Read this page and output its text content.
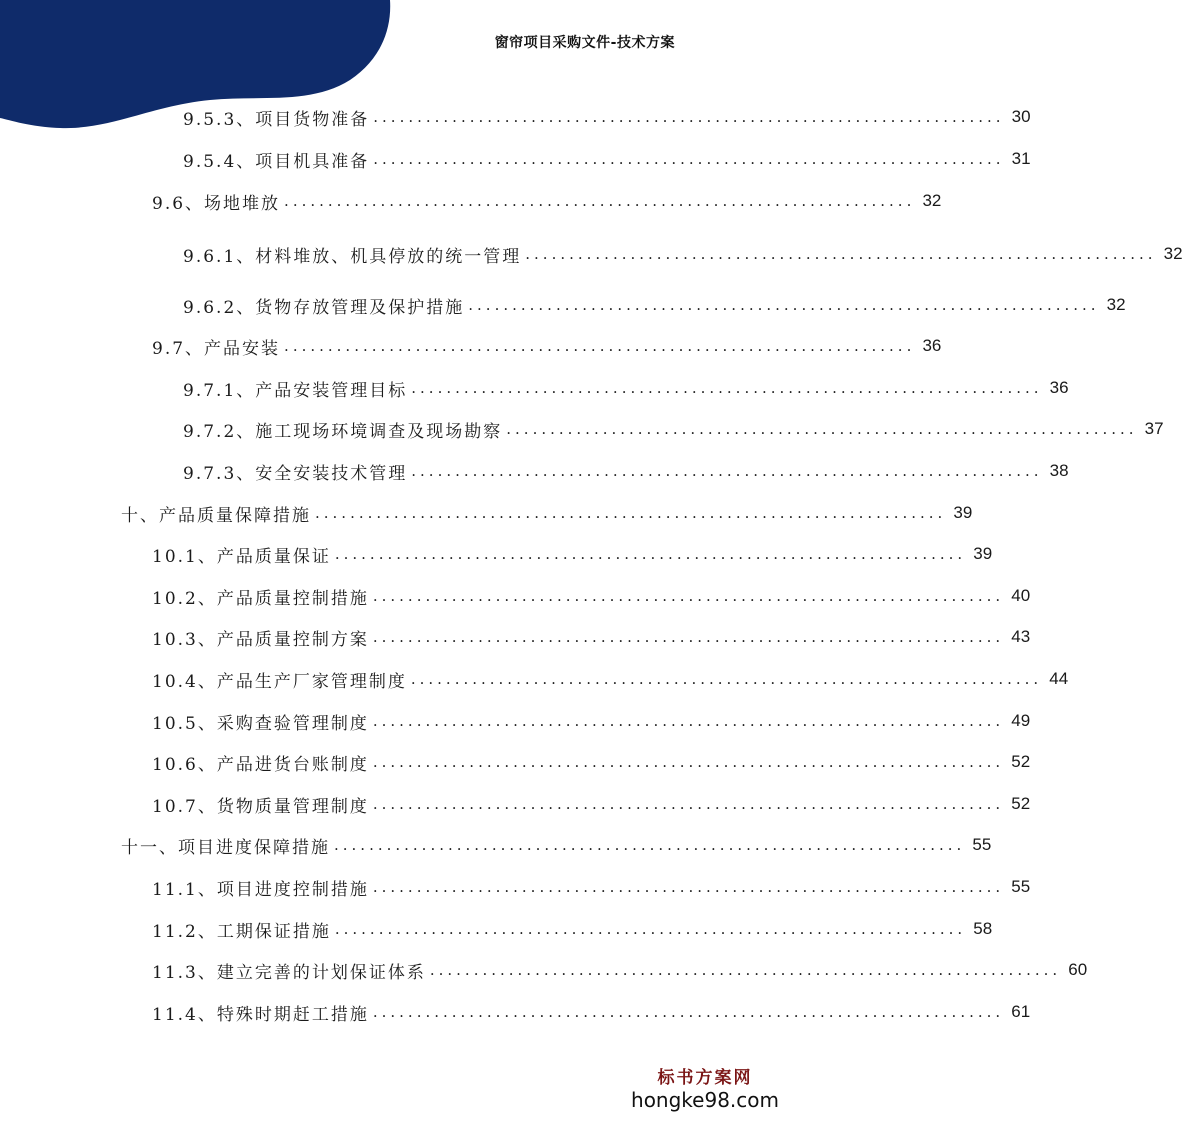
窗帘项目采购文件-技术方案
9.5.3、项目货物准备 ........................................................................ 30
9.5.4、项目机具准备 ........................................................................ 31
9.6、场地堆放 ........................................................................ 32
9.6.1、材料堆放、机具停放的统一管理 ........................................................................ 32
9.6.2、货物存放管理及保护措施 ........................................................................ 32
9.7、产品安装 ........................................................................ 36
9.7.1、产品安装管理目标 ........................................................................ 36
9.7.2、施工现场环境调查及现场勘察 ........................................................................ 37
9.7.3、安全安装技术管理 ........................................................................ 38
十、产品质量保障措施 ........................................................................ 39
10.1、产品质量保证 ........................................................................ 39
10.2、产品质量控制措施 ........................................................................ 40
10.3、产品质量控制方案 ........................................................................ 43
10.4、产品生产厂家管理制度 ........................................................................ 44
10.5、采购查验管理制度 ........................................................................ 49
10.6、产品进货台账制度 ........................................................................ 52
10.7、货物质量管理制度 ........................................................................ 52
十一、项目进度保障措施 ........................................................................ 55
11.1、项目进度控制措施 ........................................................................ 55
11.2、工期保证措施 ........................................................................ 58
11.3、建立完善的计划保证体系 ........................................................................ 60
11.4、特殊时期赶工措施 ........................................................................ 61
标书方案网
hongke98.com
